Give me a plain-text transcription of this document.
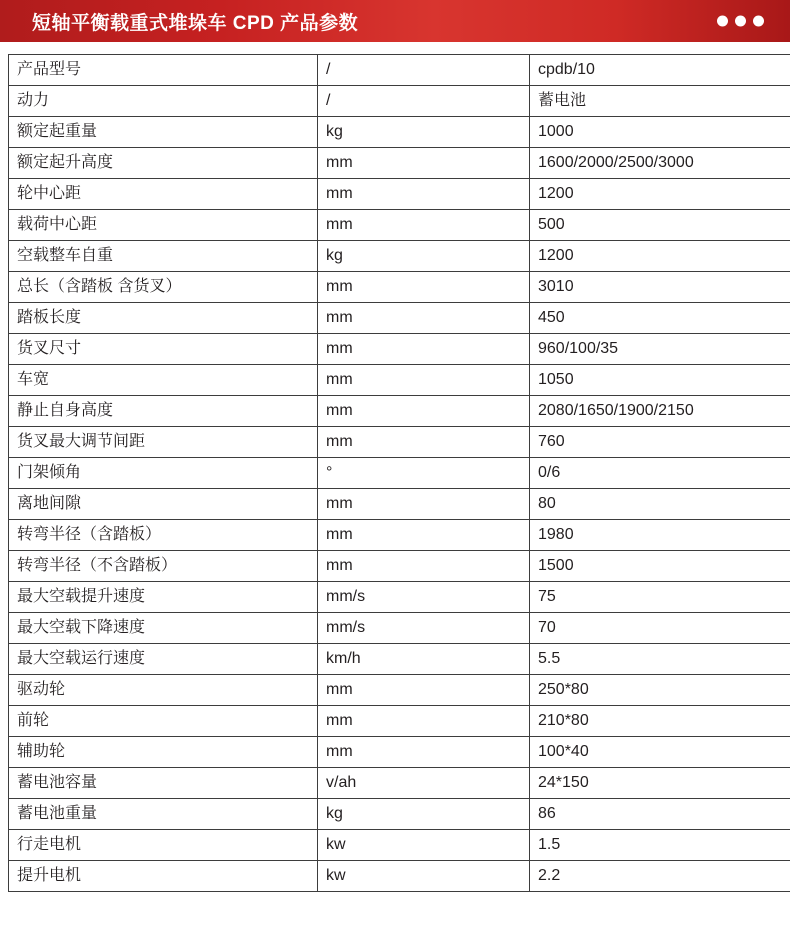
短轴平衡载重式堆垛车 CPD 产品参数
产品型号	/	cpdb/10
动力	/	蓄电池
额定起重量	kg	1000
额定起升高度	mm	1600/2000/2500/3000
轮中心距	mm	1200
载荷中心距	mm	500
空载整车自重	kg	1200
总长（含踏板 含货叉）	mm	3010
踏板长度	mm	450
货叉尺寸	mm	960/100/35
车宽	mm	1050
静止自身高度	mm	2080/1650/1900/2150
货叉最大调节间距	mm	760
门架倾角	°	0/6
离地间隙	mm	80
转弯半径（含踏板）	mm	1980
转弯半径（不含踏板）	mm	1500
最大空载提升速度	mm/s	75
最大空载下降速度	mm/s	70
最大空载运行速度	km/h	5.5
驱动轮	mm	250*80
前轮	mm	210*80
辅助轮	mm	100*40
蓄电池容量	v/ah	24*150
蓄电池重量	kg	86
行走电机	kw	1.5
提升电机	kw	2.2
